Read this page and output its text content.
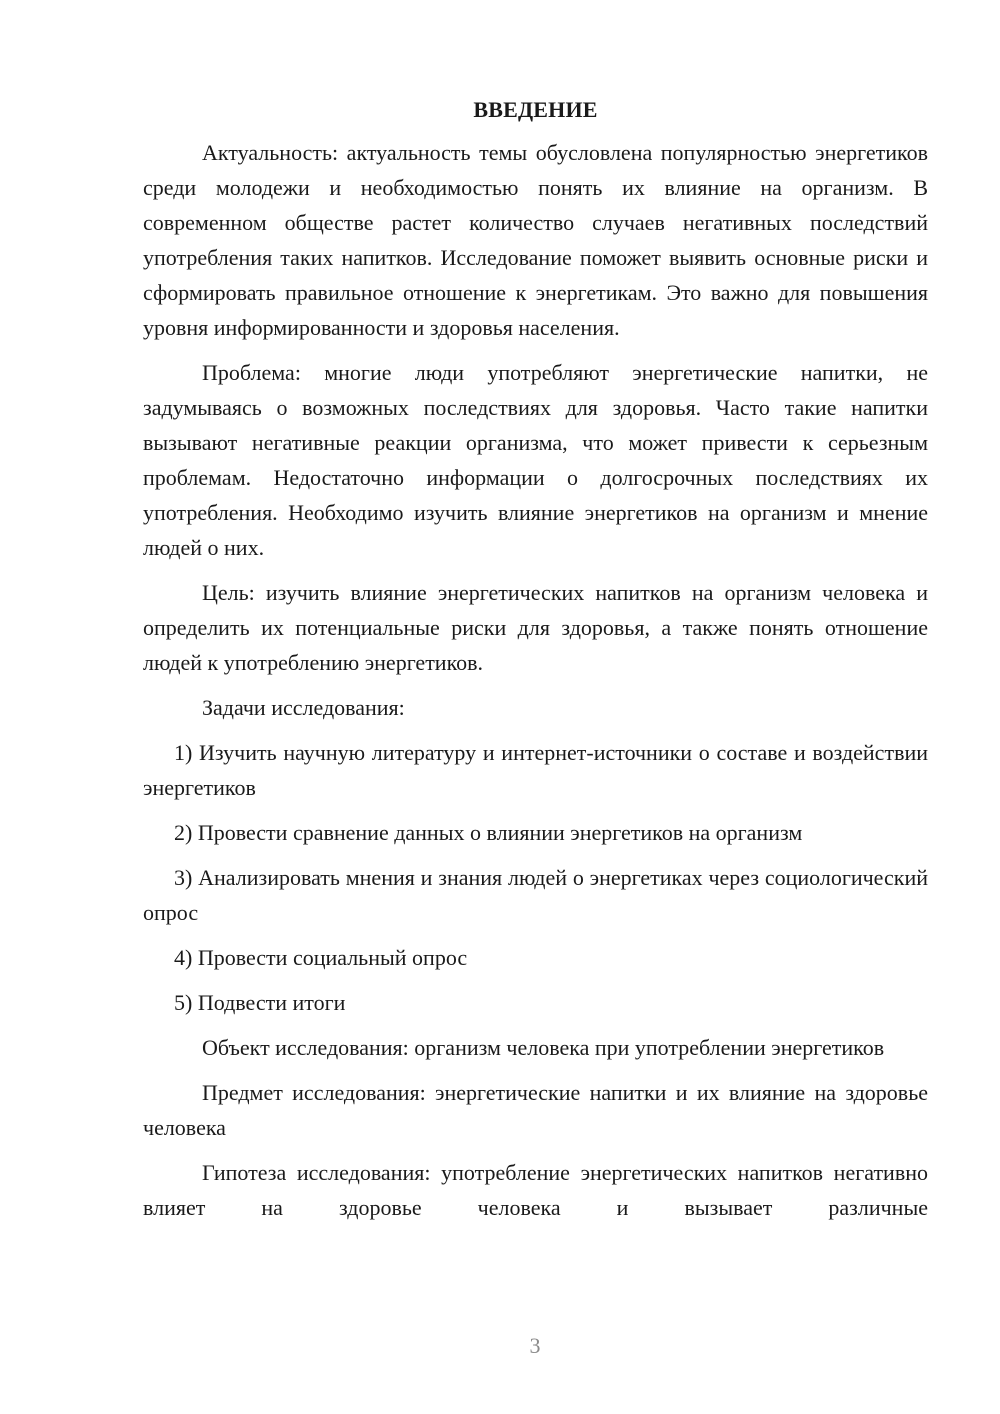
ВВЕДЕНИЕ

Актуальность: актуальность темы обусловлена популярностью энергетиков среди молодежи и необходимостью понять их влияние на организм. В современном обществе растет количество случаев негативных последствий употребления таких напитков. Исследование поможет выявить основные риски и сформировать правильное отношение к энергетикам. Это важно для повышения уровня информированности и здоровья населения.

Проблема: многие люди употребляют энергетические напитки, не задумываясь о возможных последствиях для здоровья. Часто такие напитки вызывают негативные реакции организма, что может привести к серьезным проблемам. Недостаточно информации о долгосрочных последствиях их употребления. Необходимо изучить влияние энергетиков на организм и мнение людей о них.

Цель: изучить влияние энергетических напитков на организм человека и определить их потенциальные риски для здоровья, а также понять отношение людей к употреблению энергетиков.

Задачи исследования:

1) Изучить научную литературу и интернет-источники о составе и воздействии энергетиков

2) Провести сравнение данных о влиянии энергетиков на организм

3) Анализировать мнения и знания людей о энергетиках через социологический опрос

4) Провести социальный опрос

5) Подвести итоги

Объект исследования: организм человека при употреблении энергетиков

Предмет исследования: энергетические напитки и их влияние на здоровье человека

Гипотеза исследования: употребление энергетических напитков негативно влияет на здоровье человека и вызывает различные

3
